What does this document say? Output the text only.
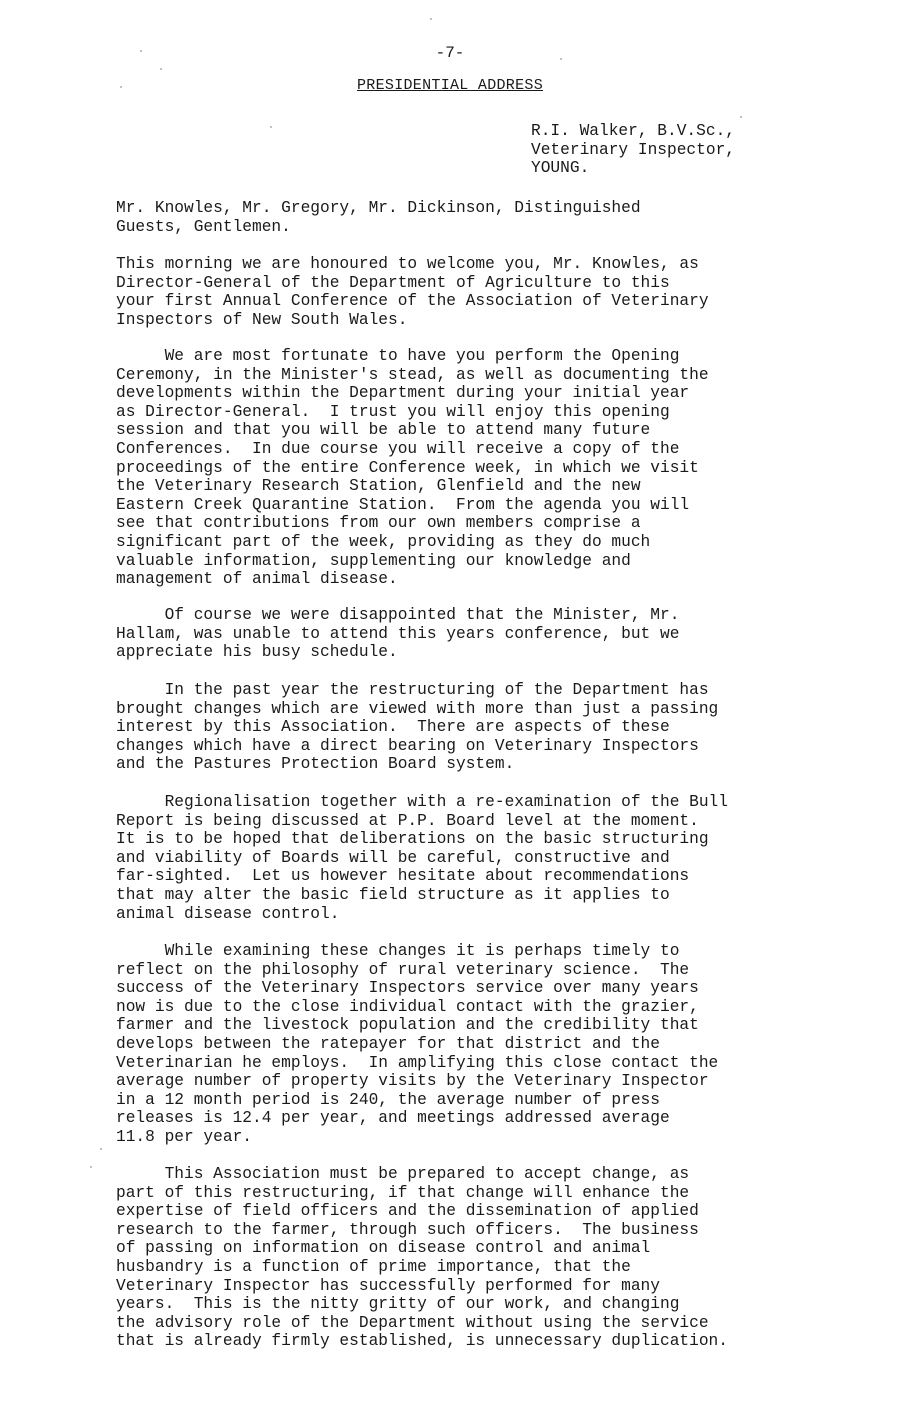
-7-
PRESIDENTIAL ADDRESS
R.I. Walker, B.V.Sc.,
Veterinary Inspector,
YOUNG.
Mr. Knowles, Mr. Gregory, Mr. Dickinson, Distinguished
Guests, Gentlemen.
This morning we are honoured to welcome you, Mr. Knowles, as
Director-General of the Department of Agriculture to this
your first Annual Conference of the Association of Veterinary
Inspectors of New South Wales.
We are most fortunate to have you perform the Opening
Ceremony, in the Minister's stead, as well as documenting the
developments within the Department during your initial year
as Director-General.  I trust you will enjoy this opening
session and that you will be able to attend many future
Conferences.  In due course you will receive a copy of the
proceedings of the entire Conference week, in which we visit
the Veterinary Research Station, Glenfield and the new
Eastern Creek Quarantine Station.  From the agenda you will
see that contributions from our own members comprise a
significant part of the week, providing as they do much
valuable information, supplementing our knowledge and
management of animal disease.
Of course we were disappointed that the Minister, Mr.
Hallam, was unable to attend this years conference, but we
appreciate his busy schedule.
In the past year the restructuring of the Department has
brought changes which are viewed with more than just a passing
interest by this Association.  There are aspects of these
changes which have a direct bearing on Veterinary Inspectors
and the Pastures Protection Board system.
Regionalisation together with a re-examination of the Bull
Report is being discussed at P.P. Board level at the moment.
It is to be hoped that deliberations on the basic structuring
and viability of Boards will be careful, constructive and
far-sighted.  Let us however hesitate about recommendations
that may alter the basic field structure as it applies to
animal disease control.
While examining these changes it is perhaps timely to
reflect on the philosophy of rural veterinary science.  The
success of the Veterinary Inspectors service over many years
now is due to the close individual contact with the grazier,
farmer and the livestock population and the credibility that
develops between the ratepayer for that district and the
Veterinarian he employs.  In amplifying this close contact the
average number of property visits by the Veterinary Inspector
in a 12 month period is 240, the average number of press
releases is 12.4 per year, and meetings addressed average
11.8 per year.
This Association must be prepared to accept change, as
part of this restructuring, if that change will enhance the
expertise of field officers and the dissemination of applied
research to the farmer, through such officers.  The business
of passing on information on disease control and animal
husbandry is a function of prime importance, that the
Veterinary Inspector has successfully performed for many
years.  This is the nitty gritty of our work, and changing
the advisory role of the Department without using the service
that is already firmly established, is unnecessary duplication.
